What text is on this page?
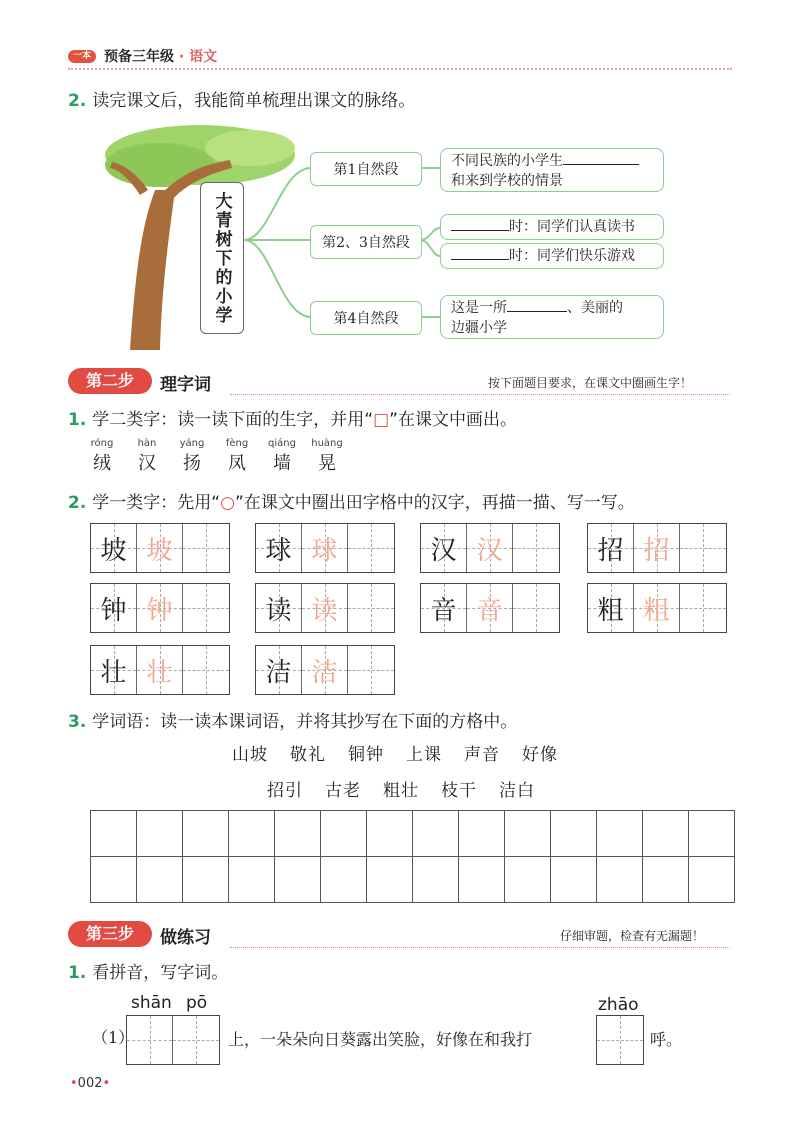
一本 预备三年级 · 语文
2. 读完课文后，我能简单梳理出课文的脉络。
大青树下的小学
第1自然段
第2、3自然段
第4自然段
不同民族的小学生
和来到学校的情景
时：同学们认真读书
时：同学们快乐游戏
这是一所	、美丽的
边疆小学
第二步	理字词	按下面题目要求，在课文中圈画生字！
1. 学二类字：读一读下面的生字，并用“□”在课文中画出。
róng
绒
hàn
汉
yáng
扬
fèng
凤
qiáng
墙
huàng
晃
2. 学一类字：先用“○”在课文中圈出田字格中的汉字，再描一描、写一写。
坡 坡	球 球	汉 汉	招 招
钟 钟	读 读	音 音	粗 粗
壮 壮	洁 洁
3. 学词语：读一读本课词语，并将其抄写在下面的方格中。
山坡 敬礼 铜钟 上课 声音 好像
招引 古老 粗壮 枝干 洁白

第三步	做练习	仔细审题，检查有无漏题！
1. 看拼音，写字词。
（1）
shān pō
上，一朵朵向日葵露出笑脸，好像在和我打
zhāo
呼。
•002•
